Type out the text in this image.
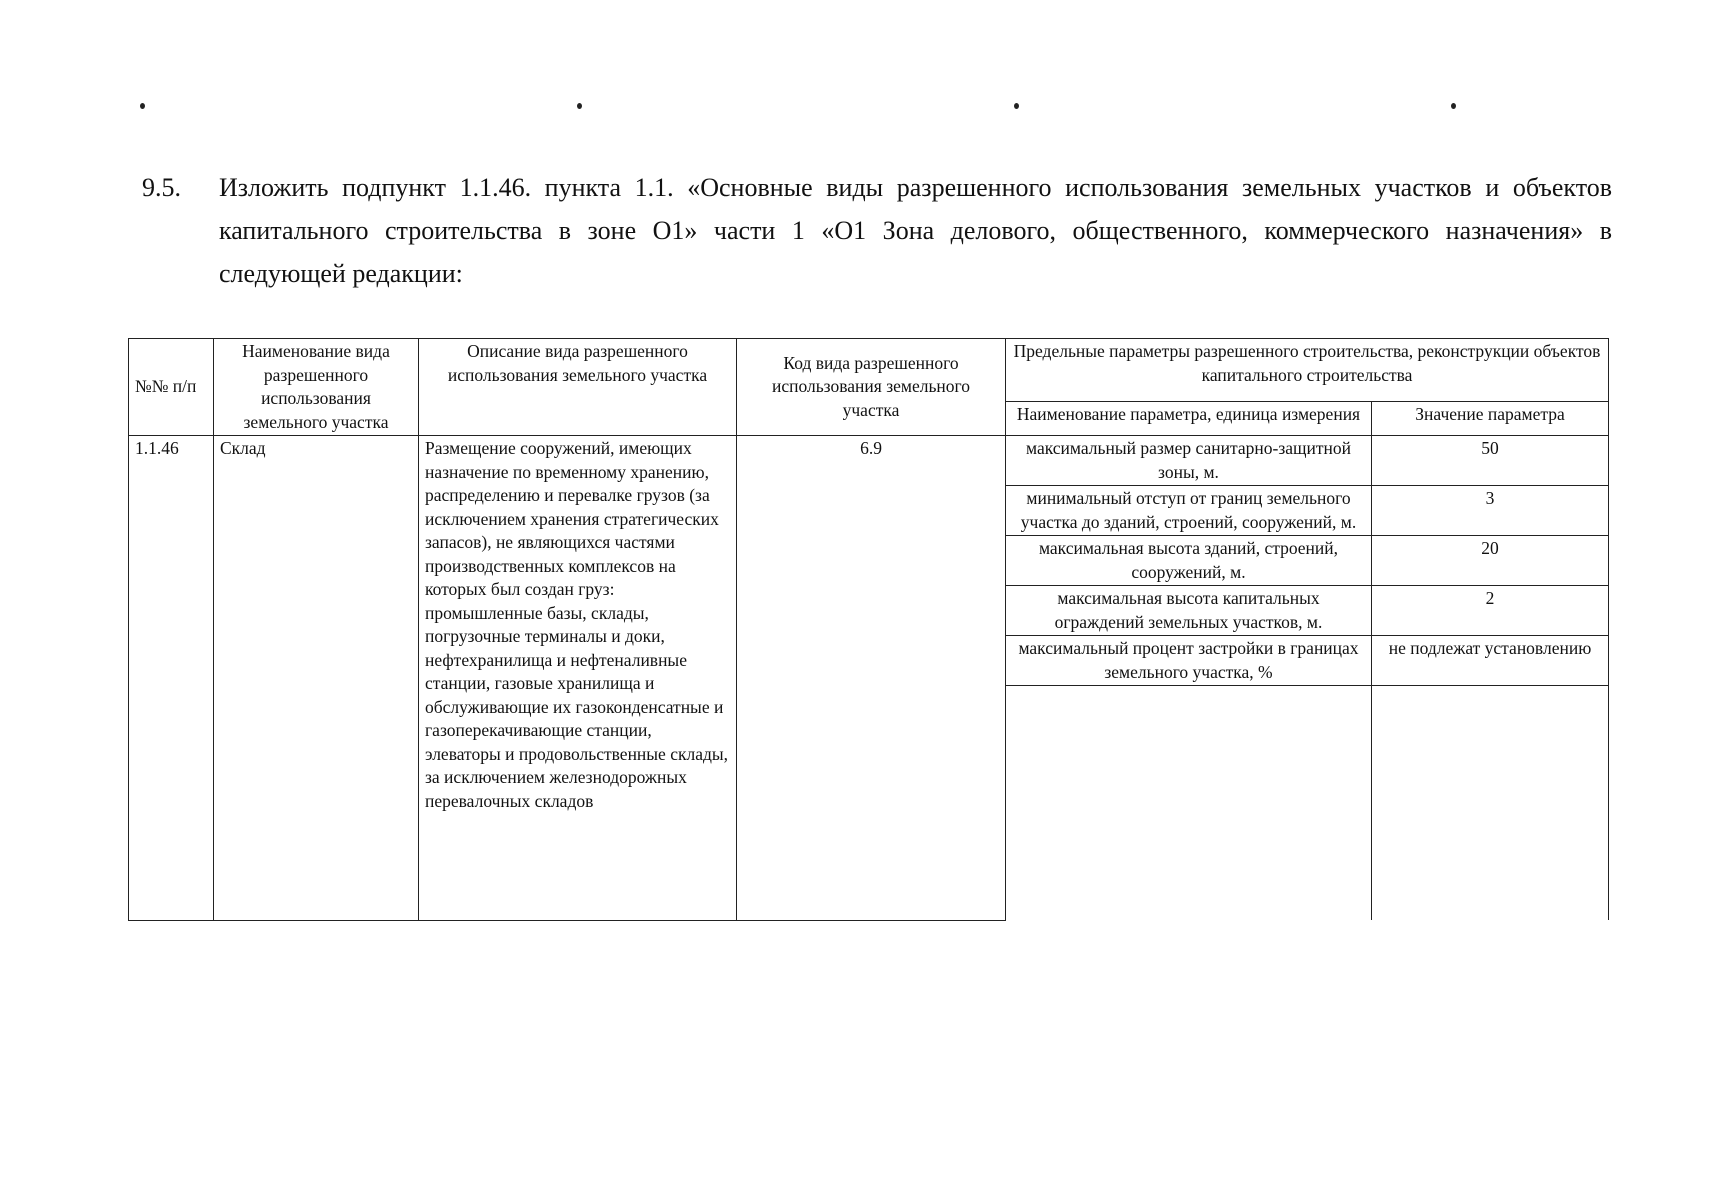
9.5. Изложить подпункт 1.1.46. пункта 1.1. «Основные виды разрешенного использования земельных участков и объектов капитального строительства в зоне О1» части 1 «О1 Зона делового, общественного, коммерческого назначения» в следующей редакции:
№№ п/п	Наименование вида разрешенного использования земельного участка	Описание вида разрешенного использования земельного участка	Код вида разрешенного использования земельного участка	Предельные параметры разрешенного строительства, реконструкции объектов капитального строительства	
				Наименование параметра, единица измерения	Значение параметра
1.1.46	Склад	Размещение сооружений, имеющих назначение по временному хранению, распределению и перевалке грузов (за исключением хранения стратегических запасов), не являющихся частями производственных комплексов на которых был создан груз: промышленные базы, склады, погрузочные терминалы и доки, нефтехранилища и нефтеналивные станции, газовые хранилища и обслуживающие их газоконденсатные и газоперекачивающие станции, элеваторы и продовольственные склады, за исключением железнодорожных перевалочных складов	6.9	максимальный размер санитарно-защитной зоны, м.	50
				минимальный отступ от границ земельного участка до зданий, строений, сооружений, м.	3
				максимальная высота зданий, строений, сооружений, м.	20
				максимальная высота капитальных ограждений земельных участков, м.	2
				максимальный процент застройки в границах земельного участка, %	не подлежат установлению
